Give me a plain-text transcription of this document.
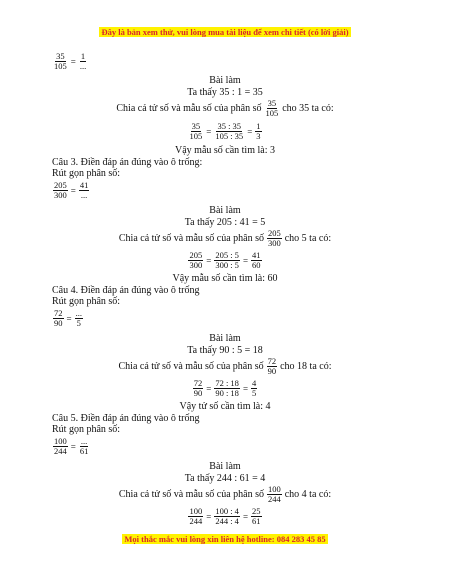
Đây là bản xem thử, vui lòng mua tài liệu để xem chi tiết (có lời giải)
$\frac{35}{105} = \frac{1}{...}$
Bài làm
Ta thấy 35 : 1 = 35
Chia cả tử số và mẫu số của phân số $\frac{35}{105}$ cho 35 ta có:
$\frac{35}{105} = \frac{35 : 35}{105 : 35} = \frac{1}{3}$
Vậy mẫu số cần tìm là: 3
Câu 3. Điền đáp án đúng vào ô trống:
Rút gọn phân số:
$\frac{205}{300} = \frac{41}{...}$
Bài làm
Ta thấy 205 : 41 = 5
Chia cả tử số và mẫu số của phân số $\frac{205}{300}$ cho 5 ta có:
$\frac{205}{300} = \frac{205 : 5}{300 : 5} = \frac{41}{60}$
Vậy mẫu số cần tìm là: 60
Câu 4. Điền đáp án đúng vào ô trống
Rút gọn phân số:
$\frac{72}{90} = \frac{...}{5}$
Bài làm
Ta thấy 90 : 5 = 18
Chia cả tử số và mẫu số của phân số $\frac{72}{90}$ cho 18 ta có:
$\frac{72}{90} = \frac{72 : 18}{90 : 18} = \frac{4}{5}$
Vậy tử số cần tìm là: 4
Câu 5. Điền đáp án đúng vào ô trống
Rút gọn phân số:
$\frac{100}{244} = \frac{...}{61}$
Bài làm
Ta thấy 244 : 61 = 4
Chia cả tử số và mẫu số của phân số $\frac{100}{244}$ cho 4 ta có:
$\frac{100}{244} = \frac{100 : 4}{244 : 4} = \frac{25}{61}$
Mọi thắc mắc vui lòng xin liên hệ hotline: 084 283 45 85
